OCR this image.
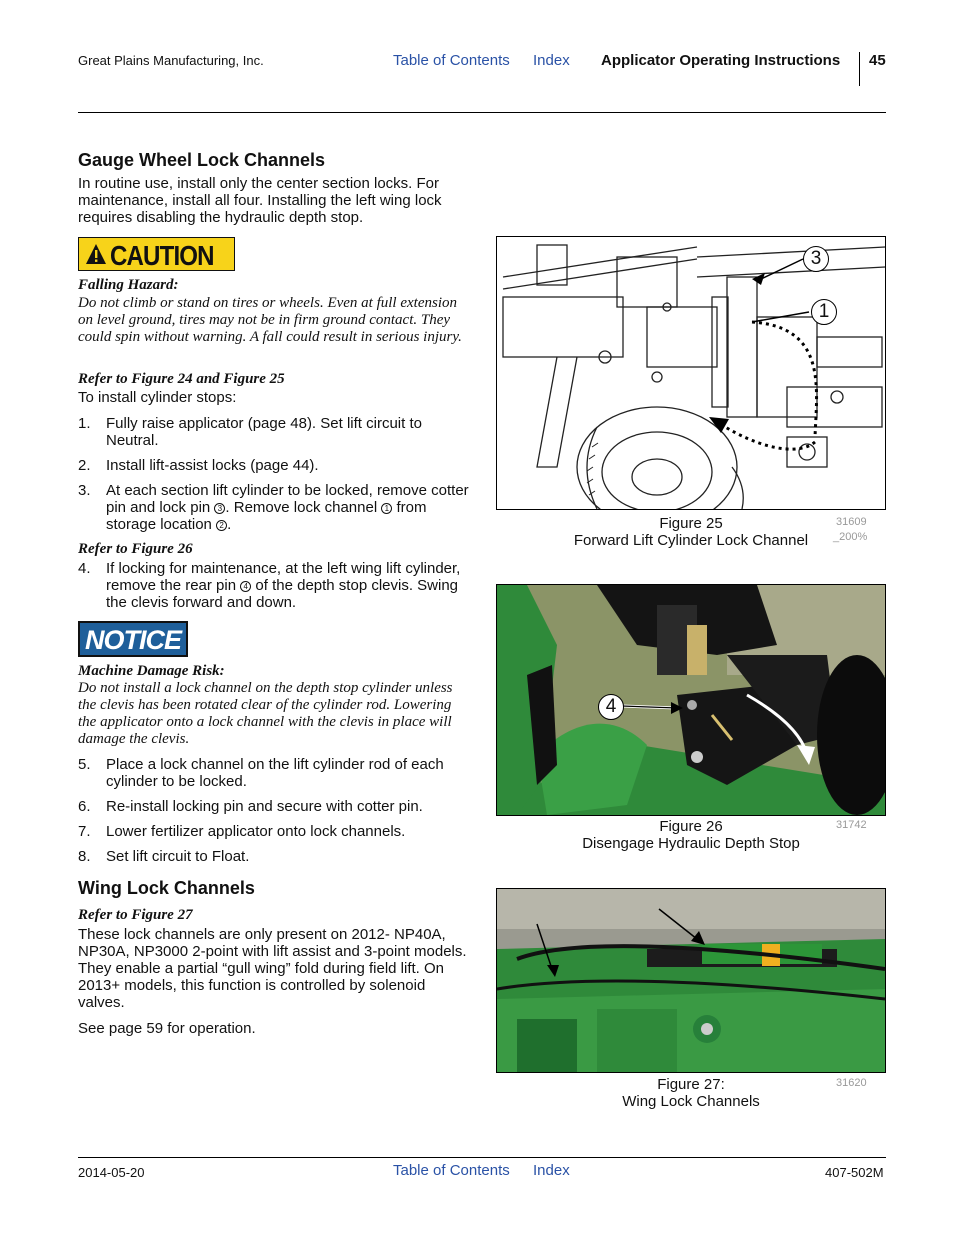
Great Plains Manufacturing, Inc.	Table of Contents Index Applicator Operating Instructions 45
Gauge Wheel Lock Channels
In routine use, install only the center section locks. For maintenance, install all four. Installing the left wing lock requires disabling the hydraulic depth stop.
CAUTION
Falling Hazard:
Do not climb or stand on tires or wheels. Even at full extension on level ground, tires may not be in firm ground contact. They could spin without warning. A fall could result in serious injury.
Refer to Figure 24 and Figure 25
To install cylinder stops:
1. Fully raise applicator (page 48). Set lift circuit to Neutral.
2. Install lift-assist locks (page 44).
3. At each section lift cylinder to be locked, remove cotter pin and lock pin 3 . Remove lock channel 1 from storage location 2 .
Refer to Figure 26
4. If locking for maintenance, at the left wing lift cylinder, remove the rear pin 4 of the depth stop clevis. Swing the clevis forward and down.
NOTICE
Machine Damage Risk:
Do not install a lock channel on the depth stop cylinder unless the clevis has been rotated clear of the cylinder rod. Lowering the applicator onto a lock channel with the clevis in place will damage the clevis.
5. Place a lock channel on the lift cylinder rod of each cylinder to be locked.
6. Re-install locking pin and secure with cotter pin.
7. Lower fertilizer applicator onto lock channels.
8. Set lift circuit to Float.
Wing Lock Channels
Refer to Figure 27
These lock channels are only present on 2012- NP40A, NP30A, NP3000 2-point with lift assist and 3-point models. They enable a partial “gull wing” fold during field lift. On 2013+ models, this function is controlled by solenoid valves.
See page 59 for operation.
3
1
Figure 25
Forward Lift Cylinder Lock Channel
31609
_200%
4
Figure 26
Disengage Hydraulic Depth Stop
31742
Figure 27:
Wing Lock Channels
31620
2014-05-20	Table of Contents Index	407-502M
